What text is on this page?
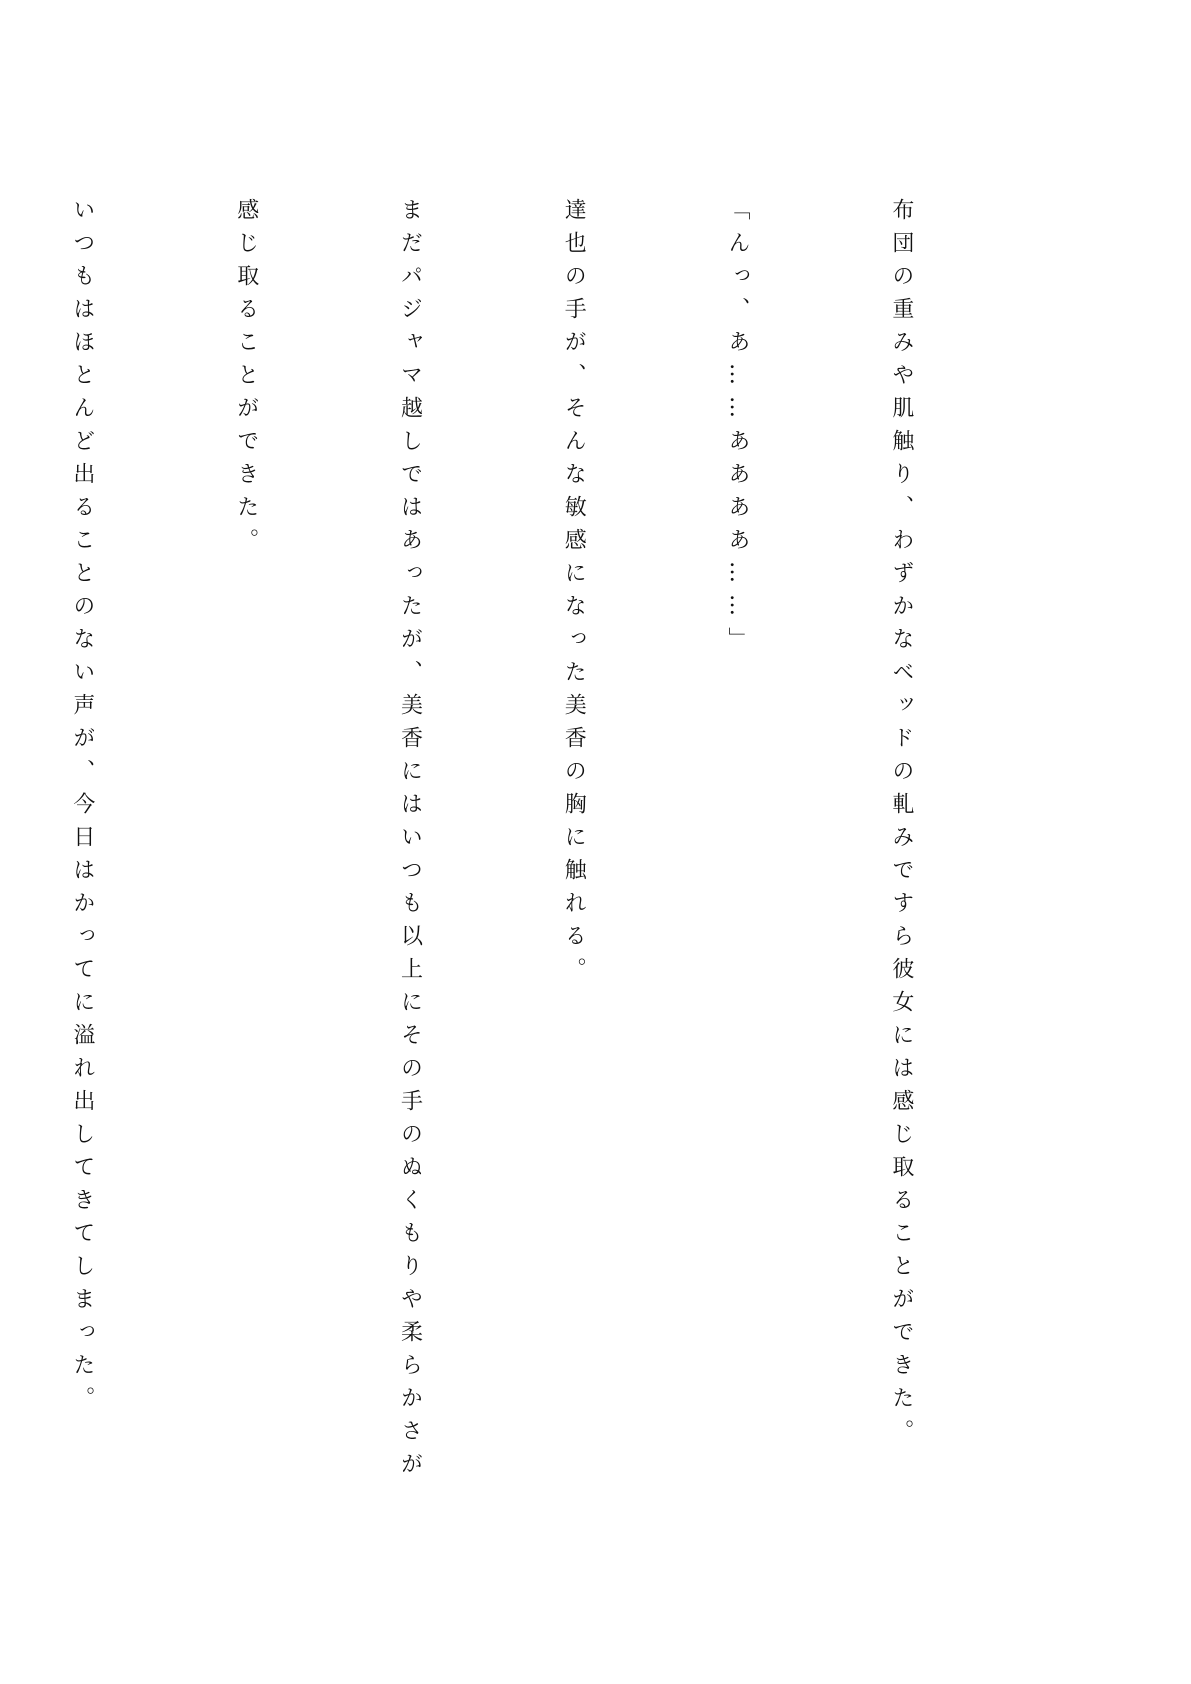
布団の重みや肌触り、わずかなベッドの軋みですら彼女には感じ取ることができた。

「んっ、あ……ああああ……」

達也の手が、そんな敏感になった美香の胸に触れる。

まだパジャマ越しではあったが、美香にはいつも以上にその手のぬくもりや柔らかさが

感じ取ることができた。

いつもはほとんど出ることのない声が、今日はかってに溢れ出してきてしまった。
